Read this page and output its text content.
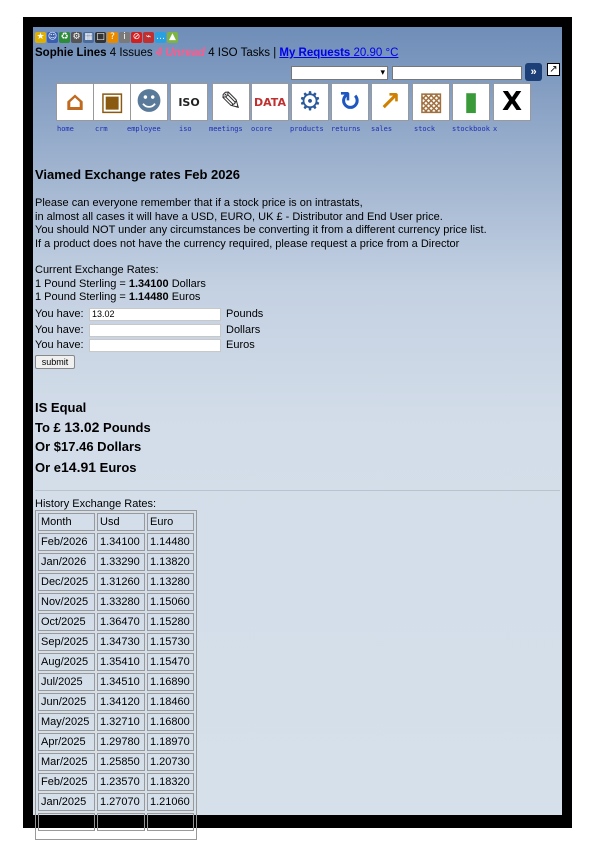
★ ☺ ♻ ⚙ ▦ □ ? i ⊘ ⌁ … ▲
Sophie Lines 4 Issues 4 Unread 4 ISO Tasks | My Requests 20.90 °C
▾	»	↗
⌂
home
▣
crm
☻
employee
ISO
iso
✎
meetings
DATA
ocore
⚙
products
↻
returns
↗
sales
▩
stock
▮
stockbook
X
x
Viamed Exchange rates Feb 2026
Please can everyone remember that if a stock price is on intrastats,
in almost all cases it will have a USD, EURO, UK £ - Distributor and End User price.
You should NOT under any circumstances be converting it from a different currency price list.
If a product does not have the currency required, please request a price from a Director
Current Exchange Rates:
1 Pound Sterling = 1.34100 Dollars
1 Pound Sterling = 1.14480 Euros
You have: 13.02	Pounds
You have:	Dollars
You have:	Euros
submit
IS Equal
To £ 13.02 Pounds
Or $17.46 Dollars
Or e14.91 Euros
History Exchange Rates:
Month	Usd	Euro
Feb/2026	1.34100	1.14480
Jan/2026	1.33290	1.13820
Dec/2025	1.31260	1.13280
Nov/2025	1.33280	1.15060
Oct/2025	1.36470	1.15280
Sep/2025	1.34730	1.15730
Aug/2025	1.35410	1.15470
Jul/2025	1.34510	1.16890
Jun/2025	1.34120	1.18460
May/2025	1.32710	1.16800
Apr/2025	1.29780	1.18970
Mar/2025	1.25850	1.20730
Feb/2025	1.23570	1.18320
Jan/2025	1.27070	1.21060
Dec/2024	1.26620	1.19960
